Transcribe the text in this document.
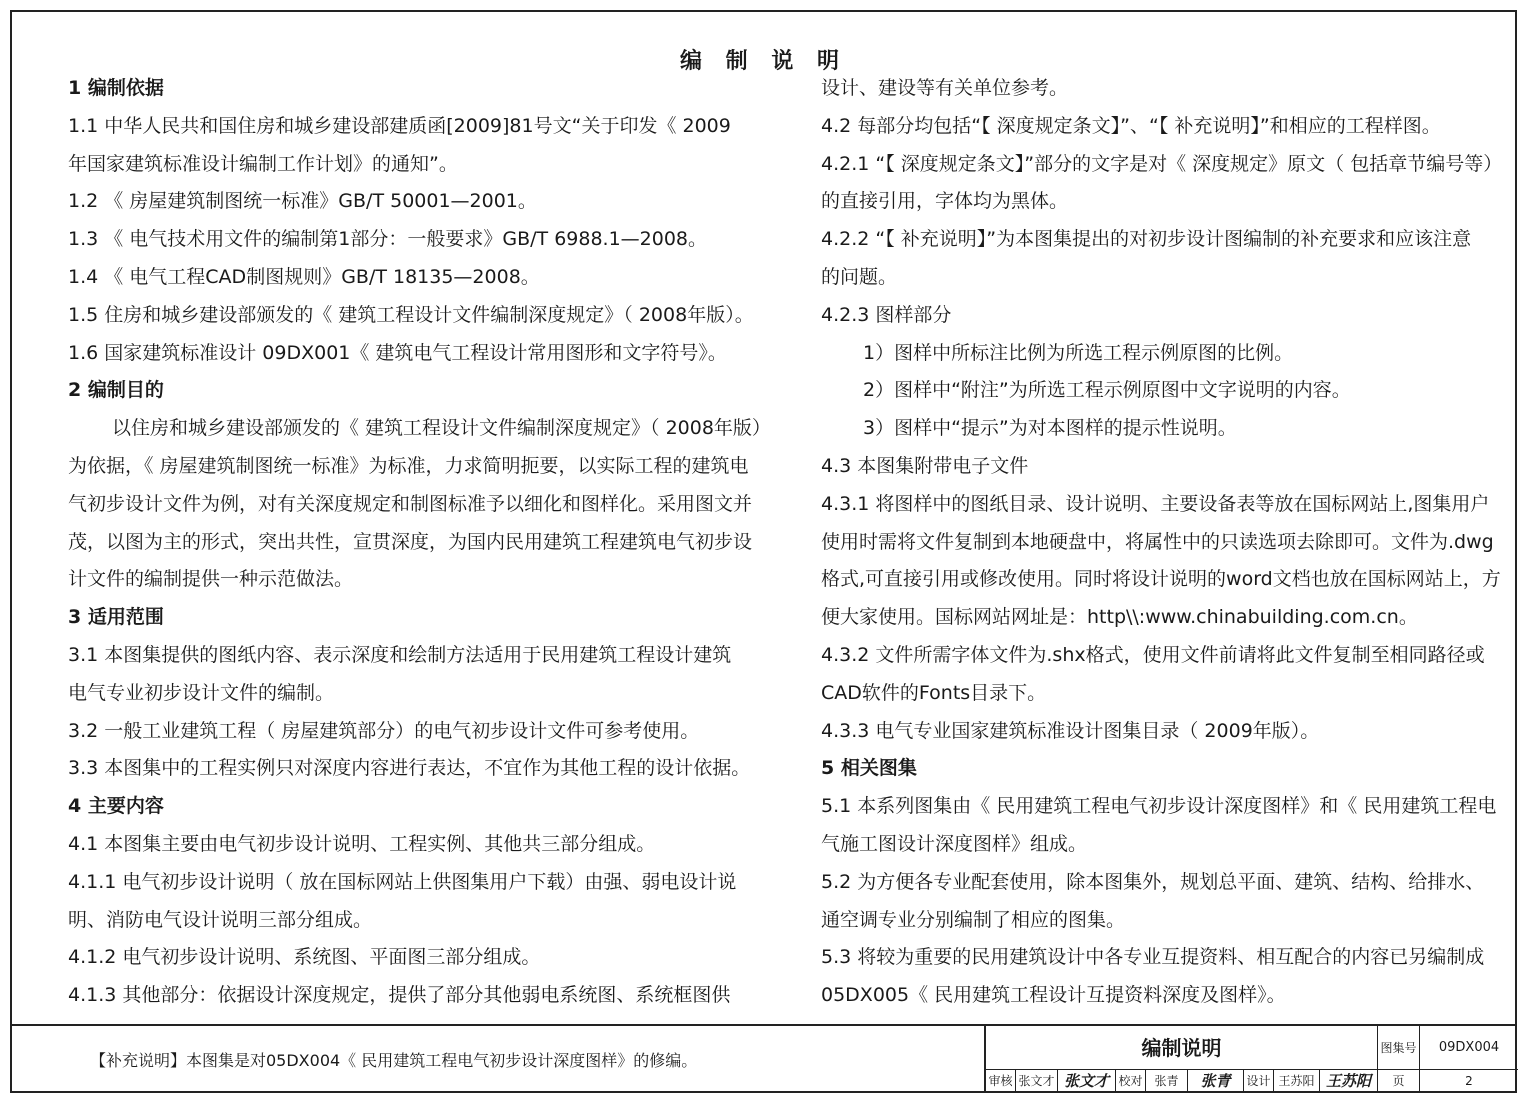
编 制 说 明
1 编制依据
1.1 中华人民共和国住房和城乡建设部建质函[2009]81号文“关于印发《 2009
年国家建筑标准设计编制工作计划》的通知”。
1.2 《 房屋建筑制图统一标准》GB/T 50001—2001。
1.3 《 电气技术用文件的编制第1部分：一般要求》GB/T 6988.1—2008。
1.4 《 电气工程CAD制图规则》GB/T 18135—2008。
1.5 住房和城乡建设部颁发的《 建筑工程设计文件编制深度规定》（ 2008年版）。
1.6 国家建筑标准设计 09DX001《 建筑电气工程设计常用图形和文字符号》。
2 编制目的
以住房和城乡建设部颁发的《 建筑工程设计文件编制深度规定》（ 2008年版）
为依据，《 房屋建筑制图统一标准》为标准，力求简明扼要，以实际工程的建筑电
气初步设计文件为例，对有关深度规定和制图标准予以细化和图样化。采用图文并
茂，以图为主的形式，突出共性，宣贯深度，为国内民用建筑工程建筑电气初步设
计文件的编制提供一种示范做法。
3 适用范围
3.1 本图集提供的图纸内容、表示深度和绘制方法适用于民用建筑工程设计建筑
电气专业初步设计文件的编制。
3.2 一般工业建筑工程（ 房屋建筑部分）的电气初步设计文件可参考使用。
3.3 本图集中的工程实例只对深度内容进行表达，不宜作为其他工程的设计依据。
4 主要内容
4.1 本图集主要由电气初步设计说明、工程实例、其他共三部分组成。
4.1.1 电气初步设计说明（ 放在国标网站上供图集用户下载）由强、弱电设计说
明、消防电气设计说明三部分组成。
4.1.2 电气初步设计说明、系统图、平面图三部分组成。
4.1.3 其他部分：依据设计深度规定，提供了部分其他弱电系统图、系统框图供
设计、建设等有关单位参考。
4.2 每部分均包括“【 深度规定条文】”、“【 补充说明】”和相应的工程样图。
4.2.1 “【 深度规定条文】”部分的文字是对《 深度规定》原文（ 包括章节编号等）
的直接引用，字体均为黑体。
4.2.2 “【 补充说明】”为本图集提出的对初步设计图编制的补充要求和应该注意
的问题。
4.2.3 图样部分
1）图样中所标注比例为所选工程示例原图的比例。
2）图样中“附注”为所选工程示例原图中文字说明的内容。
3）图样中“提示”为对本图样的提示性说明。
4.3 本图集附带电子文件
4.3.1 将图样中的图纸目录、设计说明、主要设备表等放在国标网站上,图集用户
使用时需将文件复制到本地硬盘中，将属性中的只读选项去除即可。文件为.dwg
格式,可直接引用或修改使用。同时将设计说明的word文档也放在国标网站上，方
便大家使用。国标网站网址是：http\\:www.chinabuilding.com.cn。
4.3.2 文件所需字体文件为.shx格式，使用文件前请将此文件复制至相同路径或
CAD软件的Fonts目录下。
4.3.3 电气专业国家建筑标准设计图集目录（ 2009年版）。
5 相关图集
5.1 本系列图集由《 民用建筑工程电气初步设计深度图样》和《 民用建筑工程电
气施工图设计深度图样》组成。
5.2 为方便各专业配套使用，除本图集外，规划总平面、建筑、结构、给排水、
通空调专业分别编制了相应的图集。
5.3 将较为重要的民用建筑设计中各专业互提资料、相互配合的内容已另编制成
05DX005《 民用建筑工程设计互提资料深度及图样》。
【补充说明】本图集是对05DX004《 民用建筑工程电气初步设计深度图样》的修编。
编制说明
审核 张文才 张文才 校对 张青	张青	设计 王苏阳 王苏阳
图集号	09DX004
页	2
